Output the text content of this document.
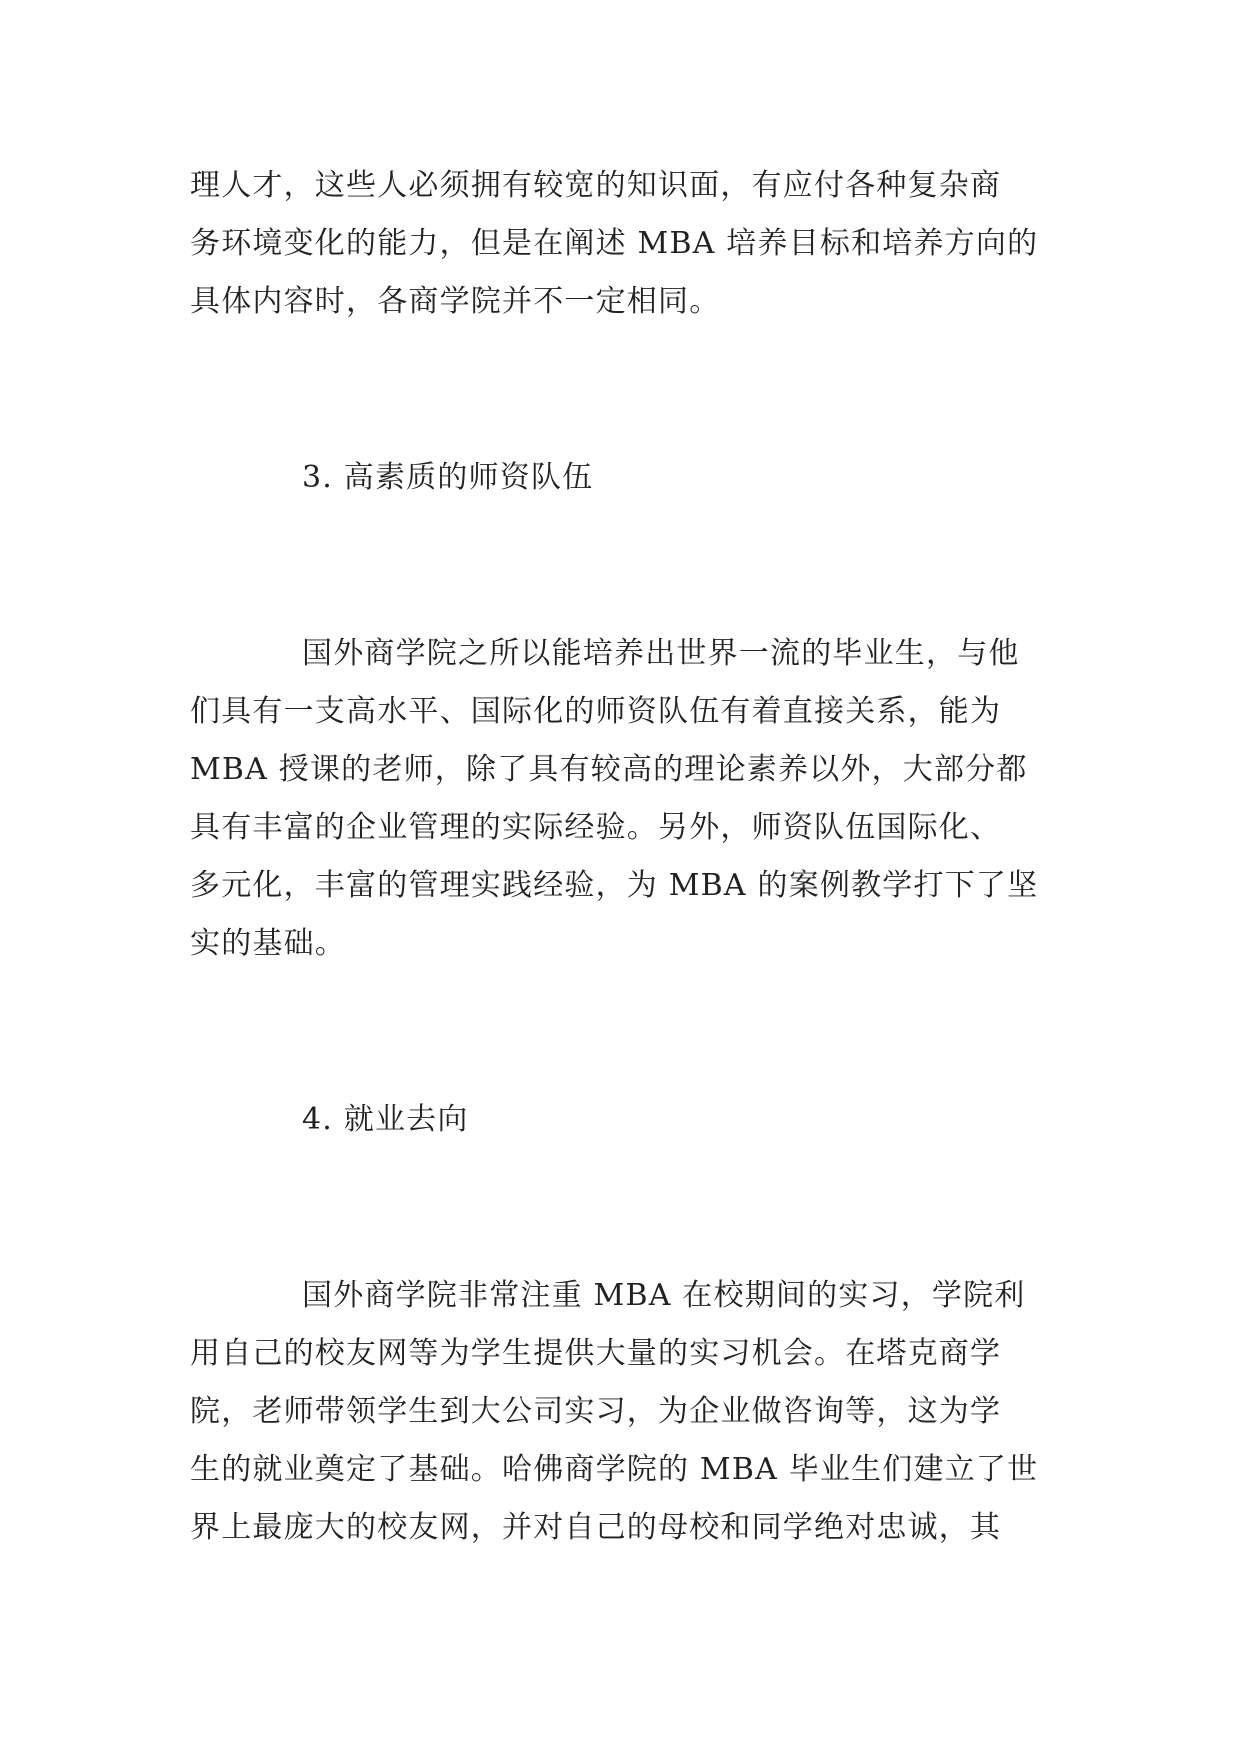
理人才，这些人必须拥有较宽的知识面，有应付各种复杂商
务环境变化的能力，但是在阐述 MBA 培养目标和培养方向的
具体内容时，各商学院并不一定相同。
3. 高素质的师资队伍
国外商学院之所以能培养出世界一流的毕业生，与他
们具有一支高水平、国际化的师资队伍有着直接关系，能为
MBA 授课的老师，除了具有较高的理论素养以外，大部分都
具有丰富的企业管理的实际经验。另外，师资队伍国际化、
多元化，丰富的管理实践经验，为 MBA 的案例教学打下了坚
实的基础。
4. 就业去向
国外商学院非常注重 MBA 在校期间的实习，学院利
用自己的校友网等为学生提供大量的实习机会。在塔克商学
院，老师带领学生到大公司实习，为企业做咨询等，这为学
生的就业奠定了基础。哈佛商学院的 MBA 毕业生们建立了世
界上最庞大的校友网，并对自己的母校和同学绝对忠诚，其
